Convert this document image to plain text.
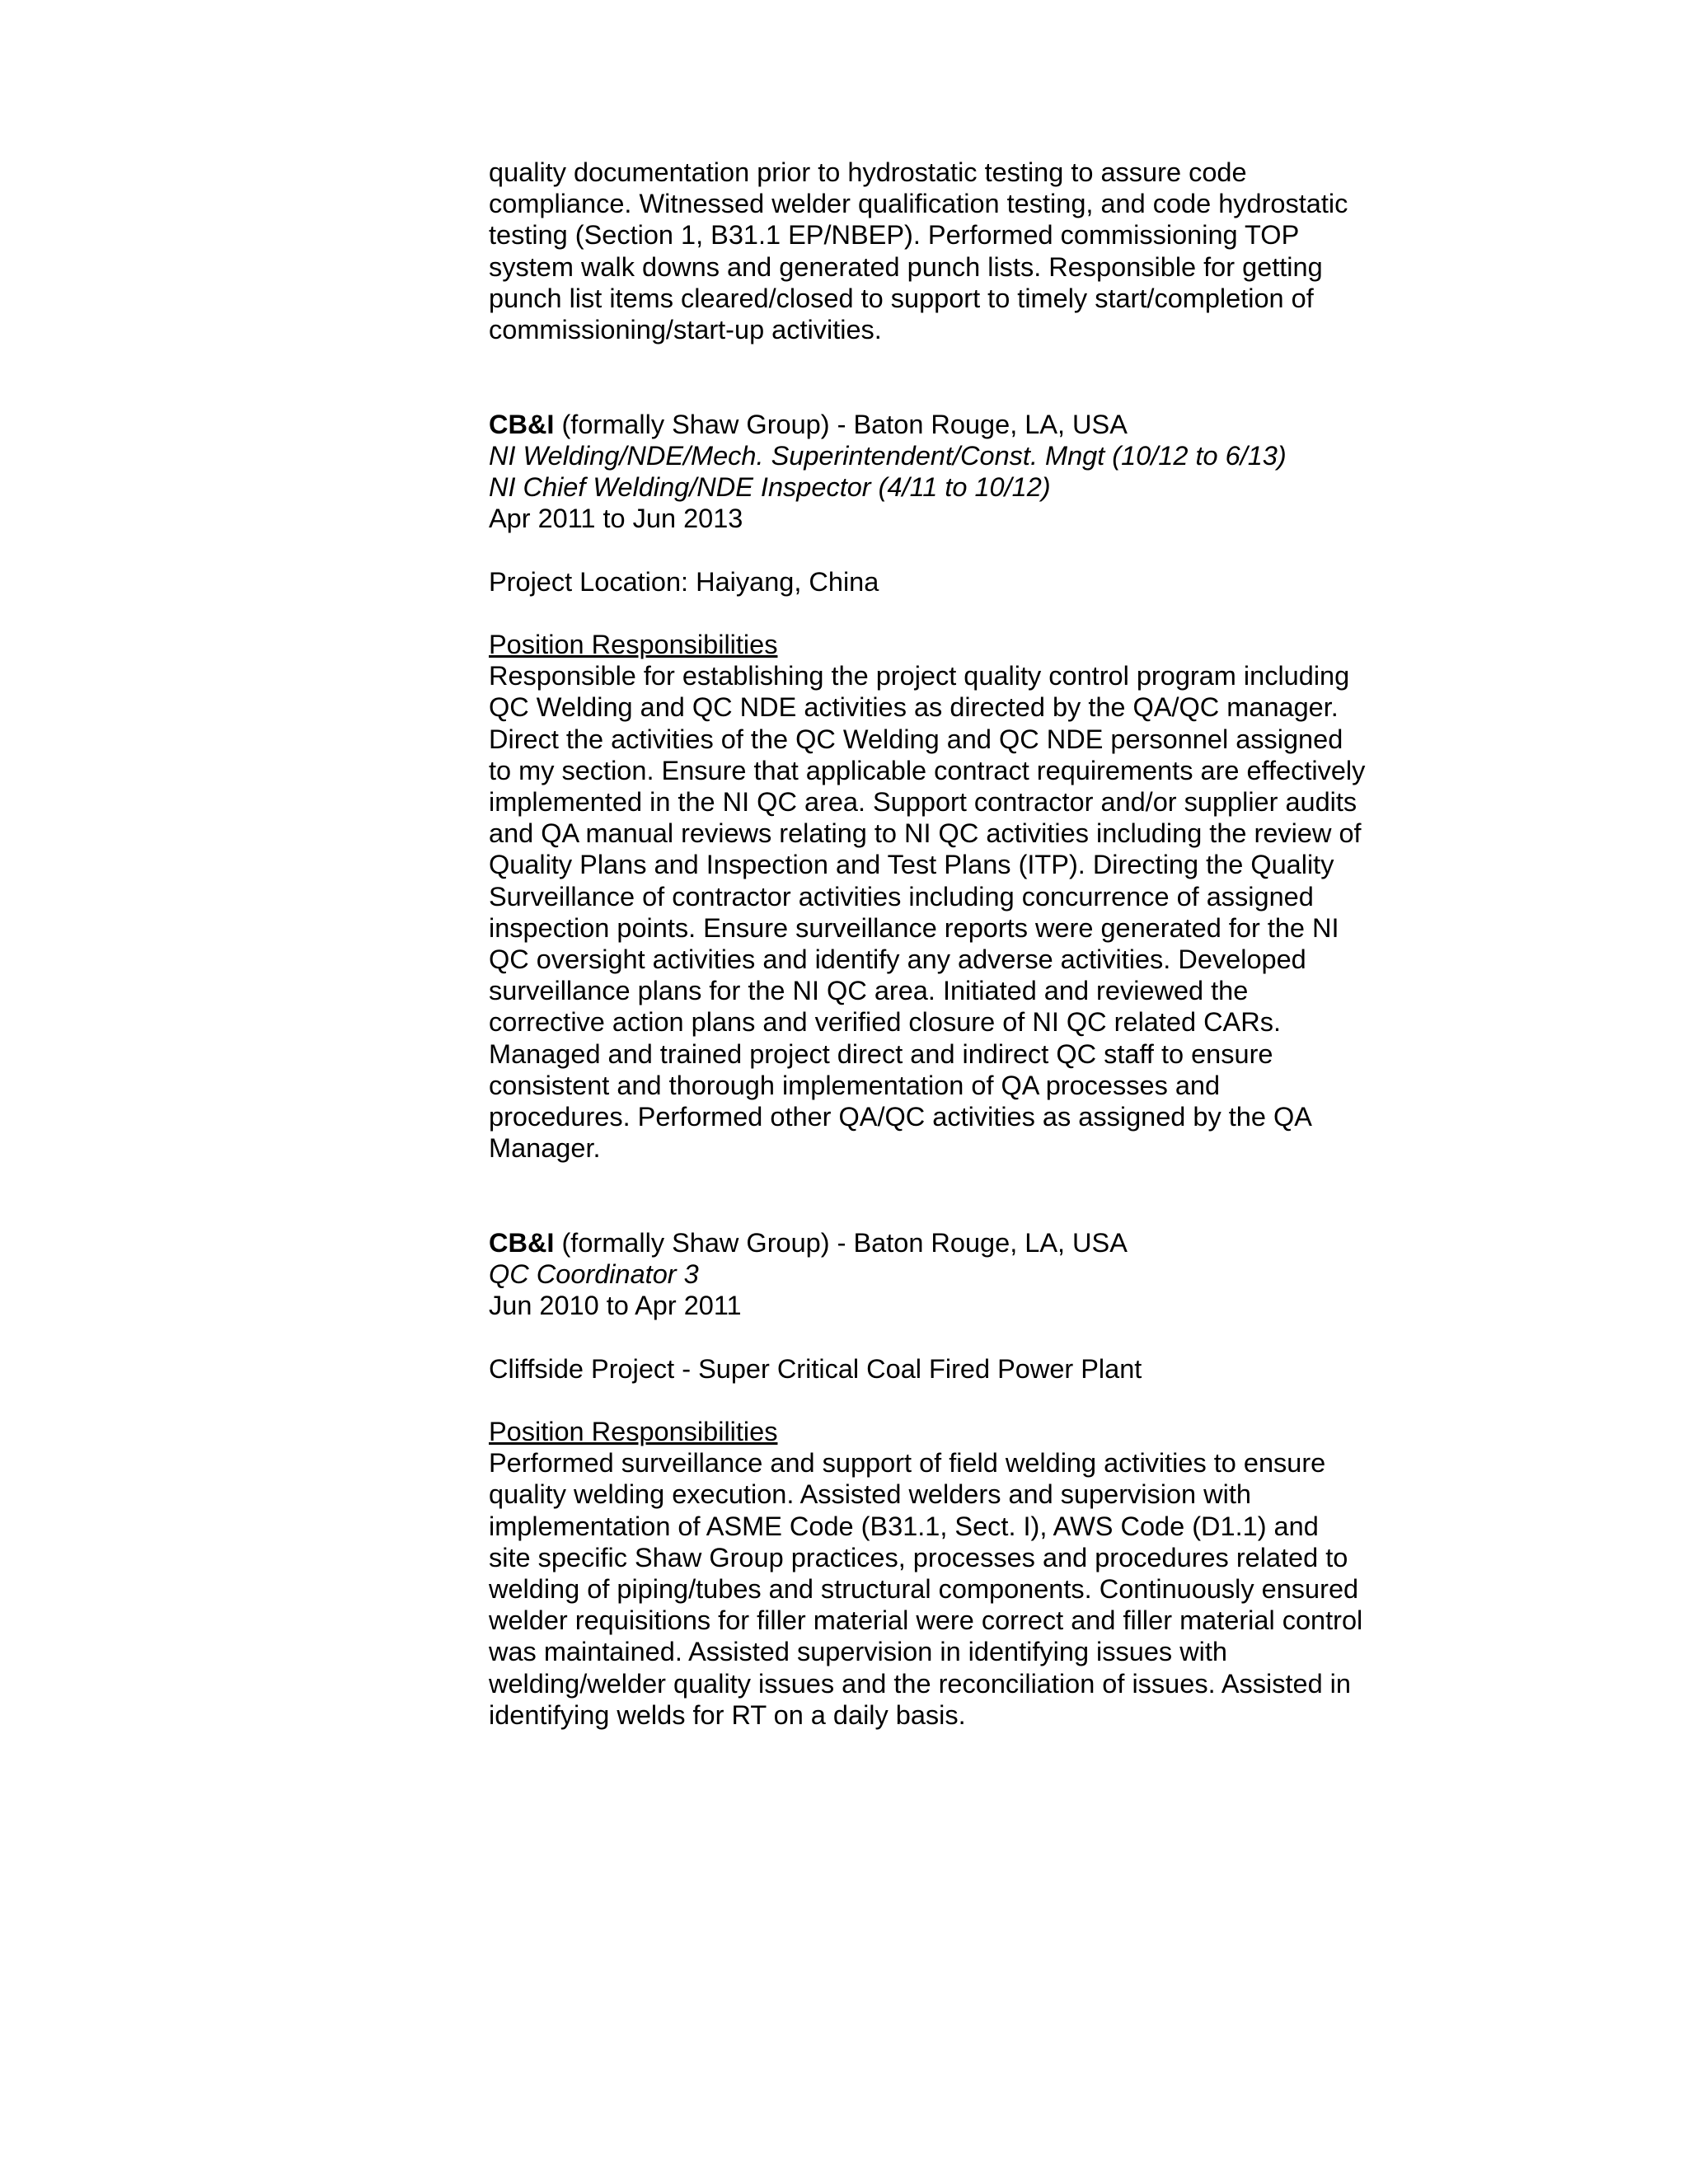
quality documentation prior to hydrostatic testing to assure code
compliance. Witnessed welder qualification testing, and code hydrostatic
testing (Section 1, B31.1 EP/NBEP). Performed commissioning TOP
system walk downs and generated punch lists. Responsible for getting
punch list items cleared/closed to support to timely start/completion of
commissioning/start-up activities.
CB&I (formally Shaw Group) - Baton Rouge, LA, USA
NI Welding/NDE/Mech. Superintendent/Const. Mngt (10/12 to 6/13)
NI Chief Welding/NDE Inspector (4/11 to 10/12)
Apr 2011 to Jun 2013
Project Location: Haiyang, China
Position Responsibilities
Responsible for establishing the project quality control program including
QC Welding and QC NDE activities as directed by the QA/QC manager.
Direct the activities of the QC Welding and QC NDE personnel assigned
to my section. Ensure that applicable contract requirements are effectively
implemented in the NI QC area. Support contractor and/or supplier audits
and QA manual reviews relating to NI QC activities including the review of
Quality Plans and Inspection and Test Plans (ITP). Directing the Quality
Surveillance of contractor activities including concurrence of assigned
inspection points. Ensure surveillance reports were generated for the NI
QC oversight activities and identify any adverse activities. Developed
surveillance plans for the NI QC area. Initiated and reviewed the
corrective action plans and verified closure of NI QC related CARs.
Managed and trained project direct and indirect QC staff to ensure
consistent and thorough implementation of QA processes and
procedures. Performed other QA/QC activities as assigned by the QA
Manager.
CB&I (formally Shaw Group) - Baton Rouge, LA, USA
QC Coordinator 3
Jun 2010 to Apr 2011
Cliffside Project - Super Critical Coal Fired Power Plant
Position Responsibilities
Performed surveillance and support of field welding activities to ensure
quality welding execution. Assisted welders and supervision with
implementation of ASME Code (B31.1, Sect. I), AWS Code (D1.1) and
site specific Shaw Group practices, processes and procedures related to
welding of piping/tubes and structural components. Continuously ensured
welder requisitions for filler material were correct and filler material control
was maintained. Assisted supervision in identifying issues with
welding/welder quality issues and the reconciliation of issues. Assisted in
identifying welds for RT on a daily basis.
